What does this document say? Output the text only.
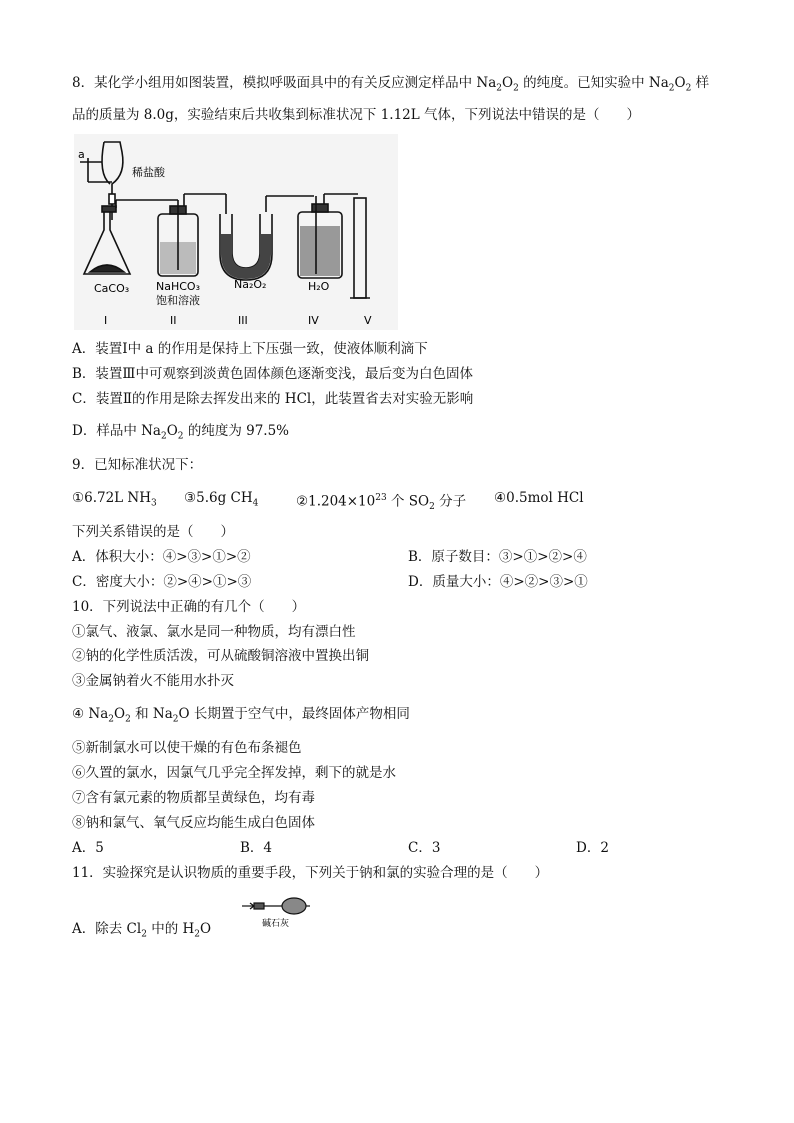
8．某化学小组用如图装置，模拟呼吸面具中的有关反应测定样品中 $Na_2O_2$ 的纯度。已知实验中 $Na_2O_2$ 样
品的质量为 8.0g，实验结束后共收集到标准状况下 1.12L 气体，下列说法中错误的是（　　）
a
稀盐酸
CaCO₃ NaHCO₃
饱和溶液
Na₂O₂	H₂O
I	II	III	IV	V
A．装置Ⅰ中 a 的作用是保持上下压强一致，使液体顺利滴下
B．装置Ⅲ中可观察到淡黄色固体颜色逐渐变浅，最后变为白色固体
C．装置Ⅱ的作用是除去挥发出来的 HCl，此装置省去对实验无影响
D．样品中 $Na_2O_2$ 的纯度为 97.5%
9．已知标准状况下：
①6.72L $NH_3$ ③5.6g $CH_4$	$②1.204\times 10^{23}$ 个 $SO_2$ 分子 ④0.5mol HCl
下列关系错误的是（　　）
A．体积大小：④>③>①>②	B．原子数目：③>①>②>④
C．密度大小：②>④>①>③	D．质量大小：④>②>③>①
10．下列说法中正确的有几个（　　）
①氯气、液氯、氯水是同一种物质，均有漂白性
②钠的化学性质活泼，可从硫酸铜溶液中置换出铜
③金属钠着火不能用水扑灭
④ $Na_2O_2$ 和 $Na_2O$ 长期置于空气中，最终固体产物相同
⑤新制氯水可以使干燥的有色布条褪色
⑥久置的氯水，因氯气几乎完全挥发掉，剩下的就是水
⑦含有氯元素的物质都呈黄绿色，均有毒
⑧钠和氯气、氧气反应均能生成白色固体
A．5	B．4	C．3	D．2
11．实验探究是认识物质的重要手段，下列关于钠和氯的实验合理的是（　　）
A．除去 $Cl_2$ 中的 $H_2O$	碱石灰
